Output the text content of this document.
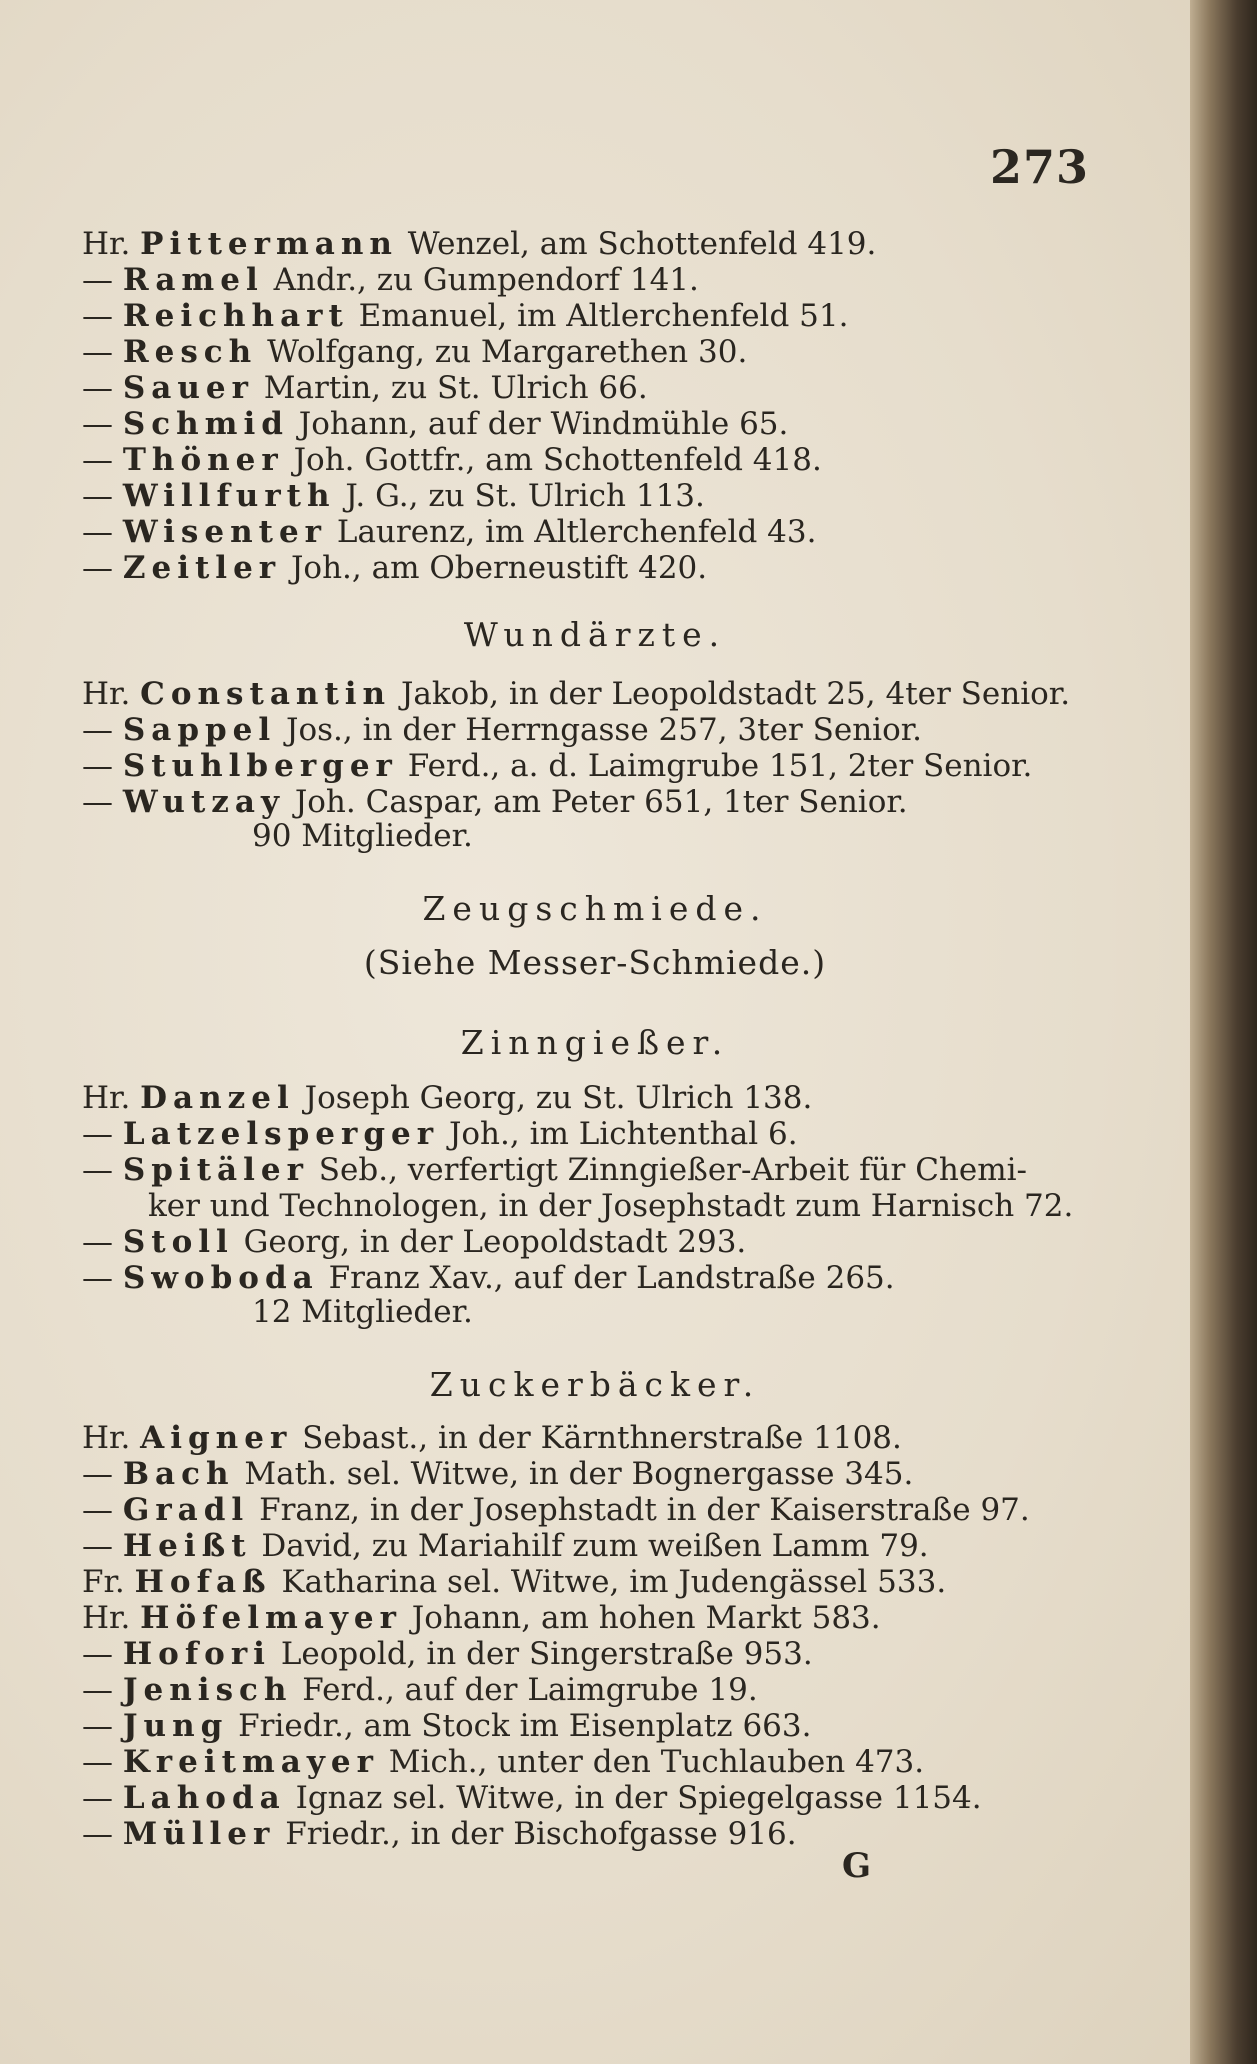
273
Hr. Pittermann Wenzel, am Schottenfeld 419.
— Ramel Andr., zu Gumpendorf 141.
— Reichhart Emanuel, im Altlerchenfeld 51.
— Resch Wolfgang, zu Margarethen 30.
— Sauer Martin, zu St. Ulrich 66.
— Schmid Johann, auf der Windmühle 65.
— Thöner Joh. Gottfr., am Schottenfeld 418.
— Willfurth J. G., zu St. Ulrich 113.
— Wisenter Laurenz, im Altlerchenfeld 43.
— Zeitler Joh., am Oberneustift 420.
Wundärzte.
Hr. Constantin Jakob, in der Leopoldstadt 25, 4ter Senior.
— Sappel Jos., in der Herrngasse 257, 3ter Senior.
— Stuhlberger Ferd., a. d. Laimgrube 151, 2ter Senior.
— Wutzay Joh. Caspar, am Peter 651, 1ter Senior.
90 Mitglieder.
Zeugschmiede.
(Siehe Messer-Schmiede.)
Zinngießer.
Hr. Danzel Joseph Georg, zu St. Ulrich 138.
— Latzelsperger Joh., im Lichtenthal 6.
— Spitäler Seb., verfertigt Zinngießer-Arbeit für Chemi-
ker und Technologen, in der Josephstadt zum Harnisch 72.
— Stoll Georg, in der Leopoldstadt 293.
— Swoboda Franz Xav., auf der Landstraße 265.
12 Mitglieder.
Zuckerbäcker.
Hr. Aigner Sebast., in der Kärnthnerstraße 1108.
— Bach Math. sel. Witwe, in der Bognergasse 345.
— Gradl Franz, in der Josephstadt in der Kaiserstraße 97.
— Heißt David, zu Mariahilf zum weißen Lamm 79.
Fr. Hofaß Katharina sel. Witwe, im Judengässel 533.
Hr. Höfelmayer Johann, am hohen Markt 583.
— Hofori Leopold, in der Singerstraße 953.
— Jenisch Ferd., auf der Laimgrube 19.
— Jung Friedr., am Stock im Eisenplatz 663.
— Kreitmayer Mich., unter den Tuchlauben 473.
— Lahoda Ignaz sel. Witwe, in der Spiegelgasse 1154.
— Müller Friedr., in der Bischofgasse 916.
G
